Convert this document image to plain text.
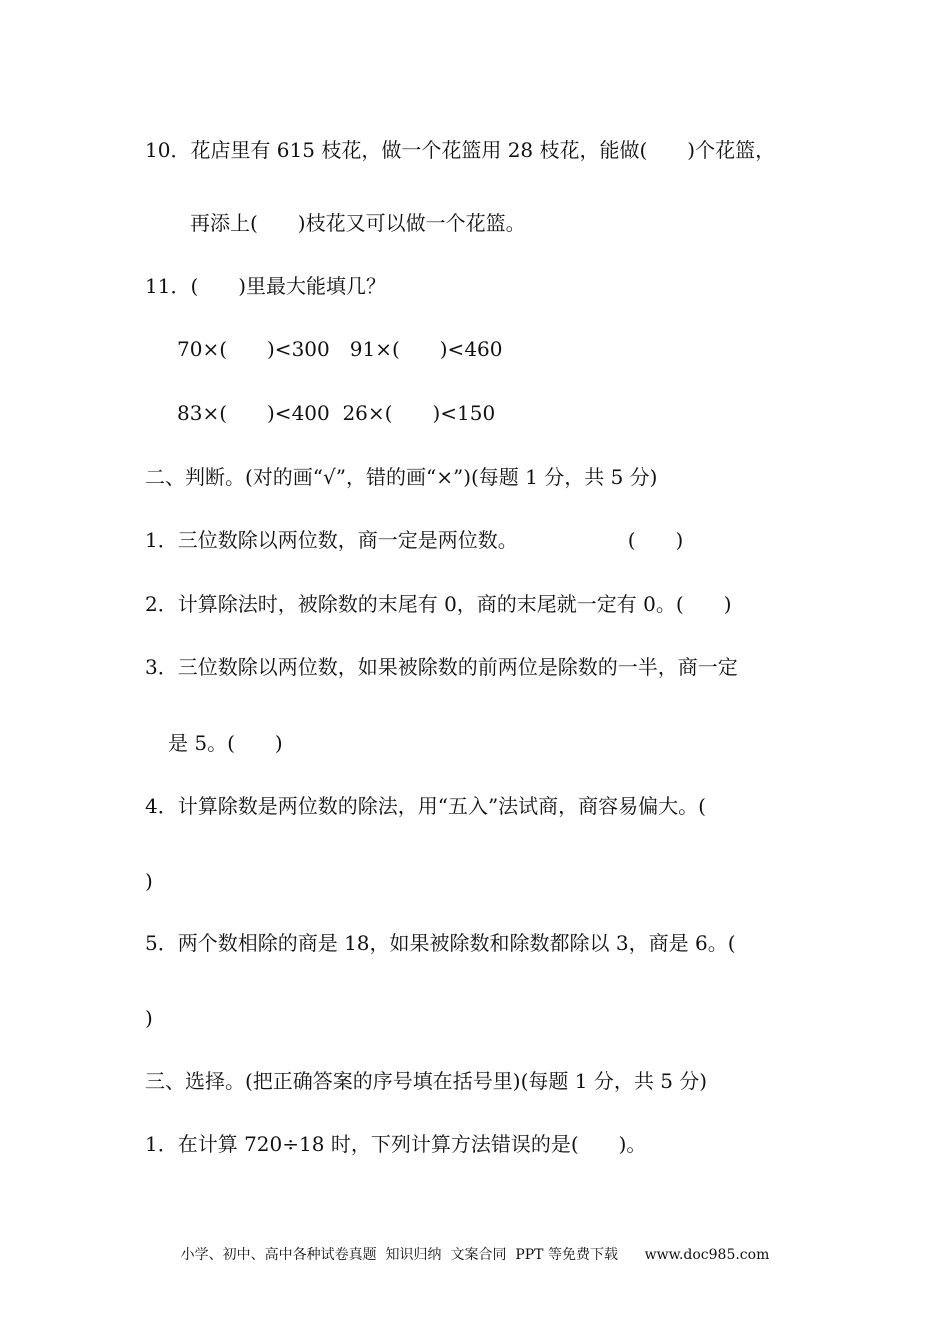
10．花店里有 615 枝花，做一个花篮用 28 枝花，能做(　　)个花篮，
再添上(　　)枝花又可以做一个花篮。
11．(　　)里最大能填几？
70×(　　)<300　91×(　　)<460
83×(　　)<400  26×(　　)<150
二、判断。(对的画“√”，错的画“×”)(每题 1 分，共 5 分)
1．三位数除以两位数，商一定是两位数。　　　　　　(　　)
2．计算除法时，被除数的末尾有 0，商的末尾就一定有 0。(　　)
3．三位数除以两位数，如果被除数的前两位是除数的一半，商一定
是 5。(　　)
4．计算除数是两位数的除法，用“五入”法试商，商容易偏大。(
)
5．两个数相除的商是 18，如果被除数和除数都除以 3，商是 6。(
)
三、选择。(把正确答案的序号填在括号里)(每题 1 分，共 5 分)
1．在计算 720÷18 时，下列计算方法错误的是(　　)。
小学、初中、高中各种试卷真题  知识归纳  文案合同  PPT 等免费下载      www.doc985.com
